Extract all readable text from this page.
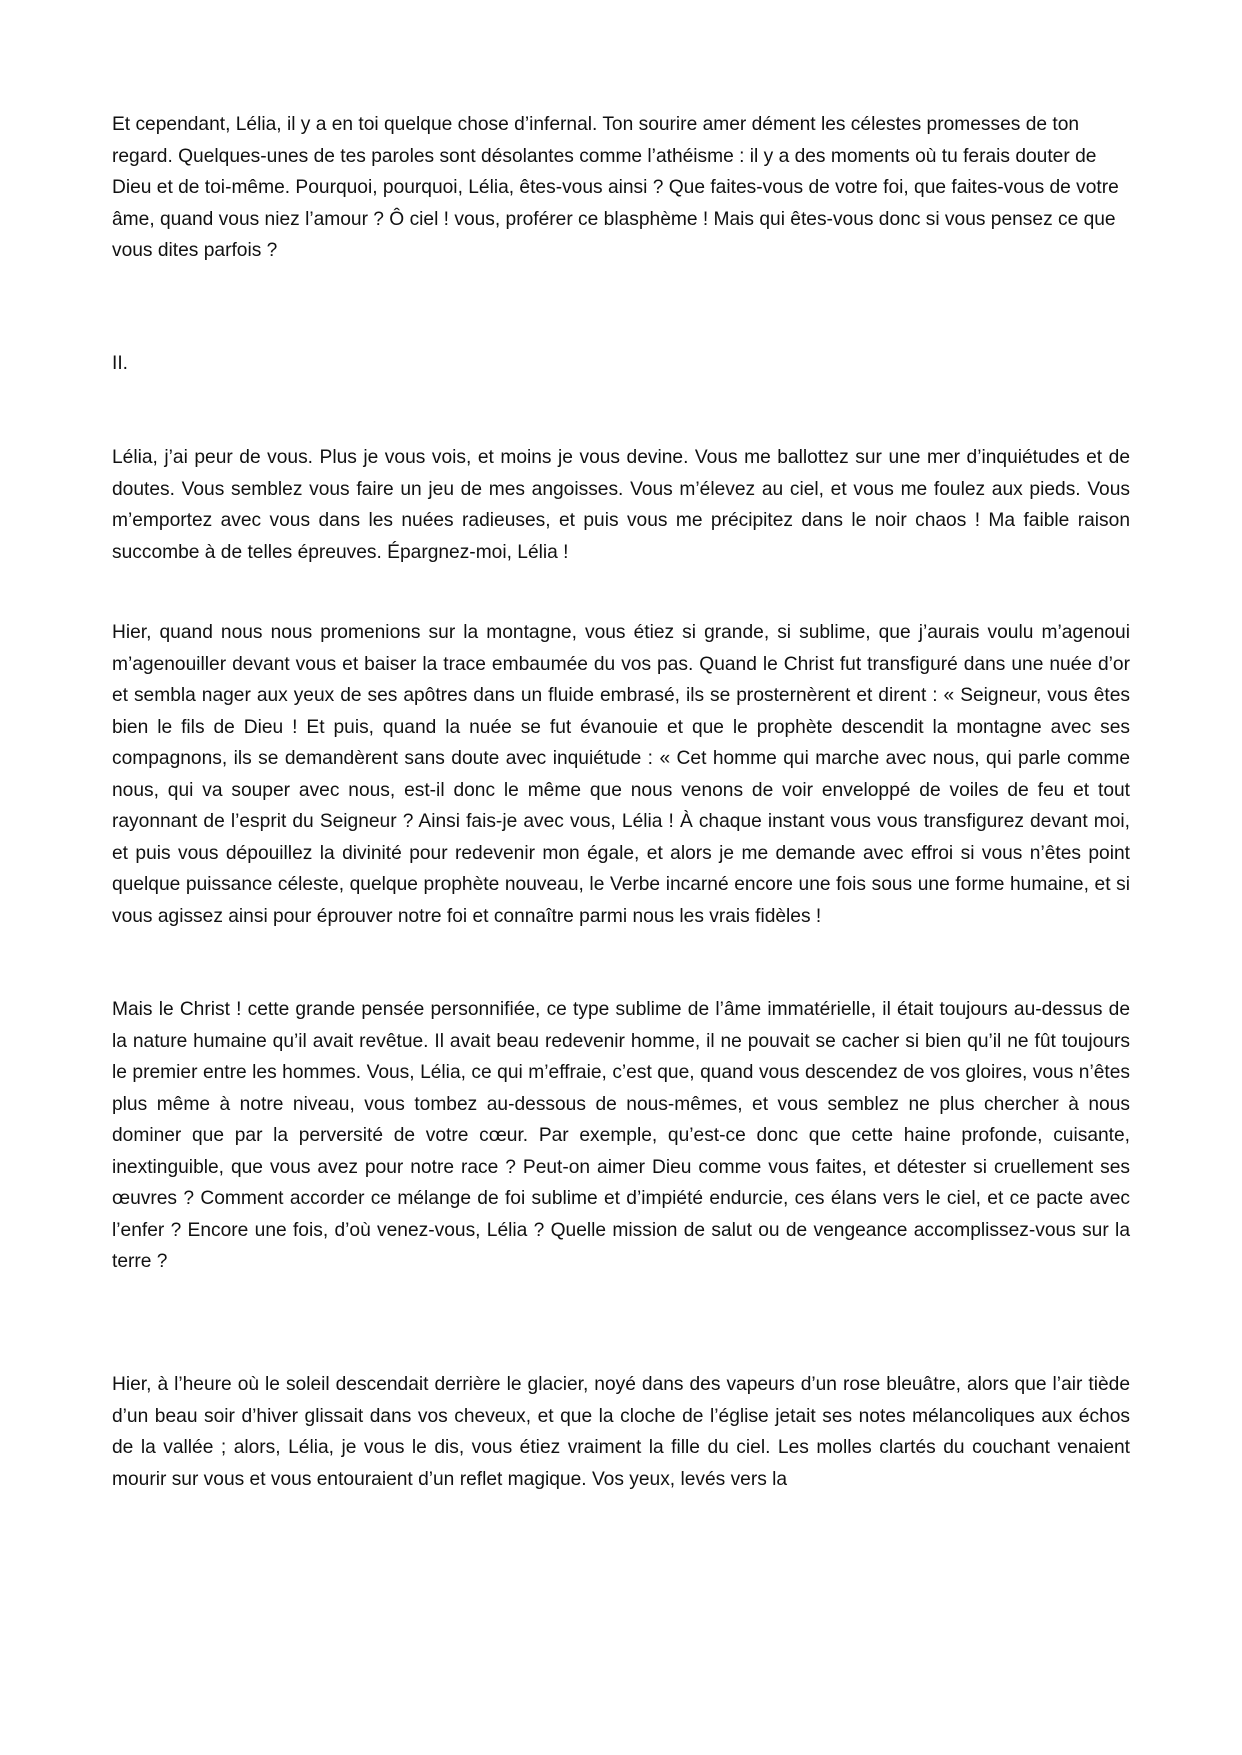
Et cependant, Lélia, il y a en toi quelque chose d’infernal. Ton sourire amer dément les célestes promesses de ton regard. Quelques-unes de tes paroles sont désolantes comme l’athéisme : il y a des moments où tu ferais douter de Dieu et de toi-même. Pourquoi, pourquoi, Lélia, êtes-vous ainsi ? Que faites-vous de votre foi, que faites-vous de votre âme, quand vous niez l’amour ? Ô ciel ! vous, proférer ce blasphème ! Mais qui êtes-vous donc si vous pensez ce que vous dites parfois ?

II.

Lélia, j’ai peur de vous. Plus je vous vois, et moins je vous devine. Vous me ballottez sur une mer d’inquiétudes et de doutes. Vous semblez vous faire un jeu de mes angoisses. Vous m’élevez au ciel, et vous me foulez aux pieds. Vous m’emportez avec vous dans les nuées radieuses, et puis vous me précipitez dans le noir chaos ! Ma faible raison succombe à de telles épreuves. Épargnez-moi, Lélia !

Hier, quand nous nous promenions sur la montagne, vous étiez si grande, si sublime, que j’aurais voulu m’agenoui m’agenouiller devant vous et baiser la trace embaumée du vos pas. Quand le Christ fut transfiguré dans une nuée d’or et sembla nager aux yeux de ses apôtres dans un fluide embrasé, ils se prosternèrent et dirent : « Seigneur, vous êtes bien le fils de Dieu ! Et puis, quand la nuée se fut évanouie et que le prophète descendit la montagne avec ses compagnons, ils se demandèrent sans doute avec inquiétude : « Cet homme qui marche avec nous, qui parle comme nous, qui va souper avec nous, est-il donc le même que nous venons de voir enveloppé de voiles de feu et tout rayonnant de l’esprit du Seigneur ? Ainsi fais-je avec vous, Lélia ! À chaque instant vous vous transfigurez devant moi, et puis vous dépouillez la divinité pour redevenir mon égale, et alors je me demande avec effroi si vous n’êtes point quelque puissance céleste, quelque prophète nouveau, le Verbe incarné encore une fois sous une forme humaine, et si vous agissez ainsi pour éprouver notre foi et connaître parmi nous les vrais fidèles !

Mais le Christ ! cette grande pensée personnifiée, ce type sublime de l’âme immatérielle, il était toujours au-dessus de la nature humaine qu’il avait revêtue. Il avait beau redevenir homme, il ne pouvait se cacher si bien qu’il ne fût toujours le premier entre les hommes. Vous, Lélia, ce qui m’effraie, c’est que, quand vous descendez de vos gloires, vous n’êtes plus même à notre niveau, vous tombez au-dessous de nous-mêmes, et vous semblez ne plus chercher à nous dominer que par la perversité de votre cœur. Par exemple, qu’est-ce donc que cette haine profonde, cuisante, inextinguible, que vous avez pour notre race ? Peut-on aimer Dieu comme vous faites, et détester si cruellement ses œuvres ? Comment accorder ce mélange de foi sublime et d’impiété endurcie, ces élans vers le ciel, et ce pacte avec l’enfer ? Encore une fois, d’où venez-vous, Lélia ? Quelle mission de salut ou de vengeance accomplissez-vous sur la terre ?

Hier, à l’heure où le soleil descendait derrière le glacier, noyé dans des vapeurs d’un rose bleuâtre, alors que l’air tiède d’un beau soir d’hiver glissait dans vos cheveux, et que la cloche de l’église jetait ses notes mélancoliques aux échos de la vallée ; alors, Lélia, je vous le dis, vous étiez vraiment la fille du ciel. Les molles clartés du couchant venaient mourir sur vous et vous entouraient d’un reflet magique. Vos yeux, levés vers la
